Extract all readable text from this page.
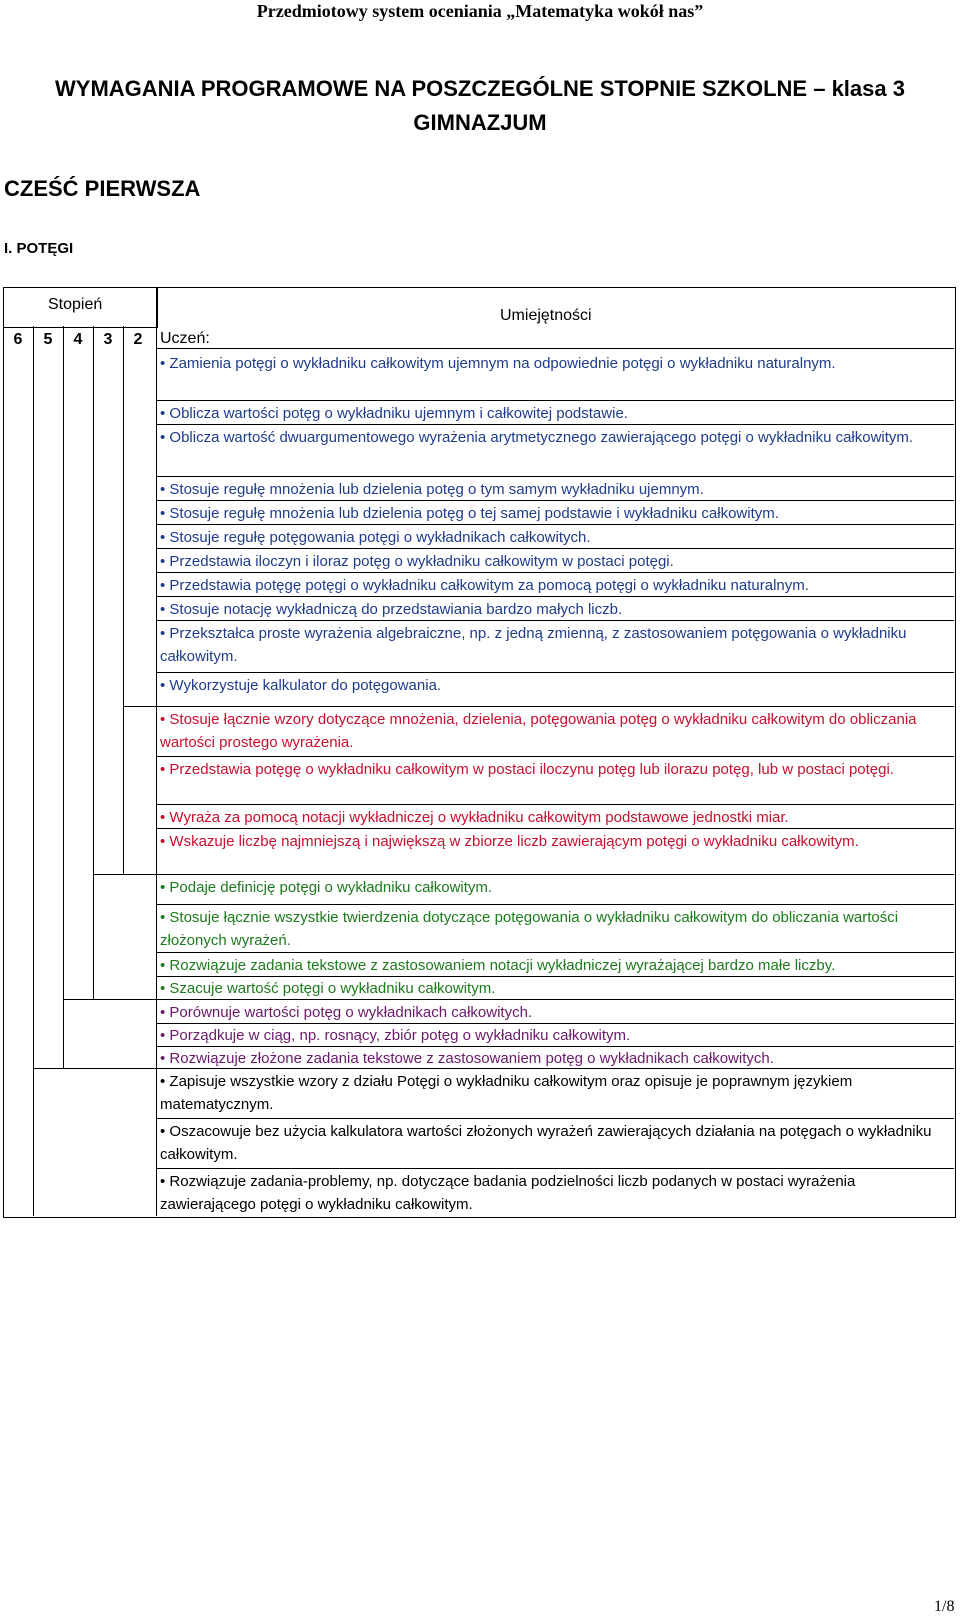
Przedmiotowy system oceniania „Matematyka wokół nas”
WYMAGANIA PROGRAMOWE NA POSZCZEGÓLNE STOPNIE SZKOLNE – klasa 3
GIMNAZJUM
CZEŚĆ PIERWSZA
I. POTĘGI
Stopień
Umiejętności
Uczeń:
6 5 4 3 2
• Zamienia potęgi o wykładniku całkowitym ujemnym na odpowiednie potęgi o wykładniku naturalnym.
• Oblicza wartości potęg o wykładniku ujemnym i całkowitej podstawie.
• Oblicza wartość dwuargumentowego wyrażenia arytmetycznego zawierającego potęgi o wykładniku całkowitym.
• Stosuje regułę mnożenia lub dzielenia potęg o tym samym wykładniku ujemnym.
• Stosuje regułę mnożenia lub dzielenia potęg o tej samej podstawie i wykładniku całkowitym.
• Stosuje regułę potęgowania potęgi o wykładnikach całkowitych.
• Przedstawia iloczyn i iloraz potęg o wykładniku całkowitym w postaci potęgi.
• Przedstawia potęgę potęgi o wykładniku całkowitym za pomocą potęgi o wykładniku naturalnym.
• Stosuje notację wykładniczą do przedstawiania bardzo małych liczb.
• Przekształca proste wyrażenia algebraiczne, np. z jedną zmienną, z zastosowaniem potęgowania o wykładniku całkowitym.
• Wykorzystuje kalkulator do potęgowania.
• Stosuje łącznie wzory dotyczące mnożenia, dzielenia, potęgowania potęg o wykładniku całkowitym do obliczania wartości prostego wyrażenia.
• Przedstawia potęgę o wykładniku całkowitym w postaci iloczynu potęg lub ilorazu potęg, lub w postaci potęgi.
• Wyraża za pomocą notacji wykładniczej o wykładniku całkowitym podstawowe jednostki miar.
• Wskazuje liczbę najmniejszą i największą w zbiorze liczb zawierającym potęgi o wykładniku całkowitym.
• Podaje definicję potęgi o wykładniku całkowitym.
• Stosuje łącznie wszystkie twierdzenia dotyczące potęgowania o wykładniku całkowitym do obliczania wartości złożonych wyrażeń.
• Rozwiązuje zadania tekstowe z zastosowaniem notacji wykładniczej wyrażającej bardzo małe liczby.
• Szacuje wartość potęgi o wykładniku całkowitym.
• Porównuje wartości potęg o wykładnikach całkowitych.
• Porządkuje w ciąg, np. rosnący, zbiór potęg o wykładniku całkowitym.
• Rozwiązuje złożone zadania tekstowe z zastosowaniem potęg o wykładnikach całkowitych.
• Zapisuje wszystkie wzory z działu Potęgi o wykładniku całkowitym oraz opisuje je poprawnym językiem matematycznym.
• Oszacowuje bez użycia kalkulatora wartości złożonych wyrażeń zawierających działania na potęgach o wykładniku całkowitym.
• Rozwiązuje zadania-problemy, np. dotyczące badania podzielności liczb podanych w postaci wyrażenia zawierającego potęgi o wykładniku całkowitym.
1/8
